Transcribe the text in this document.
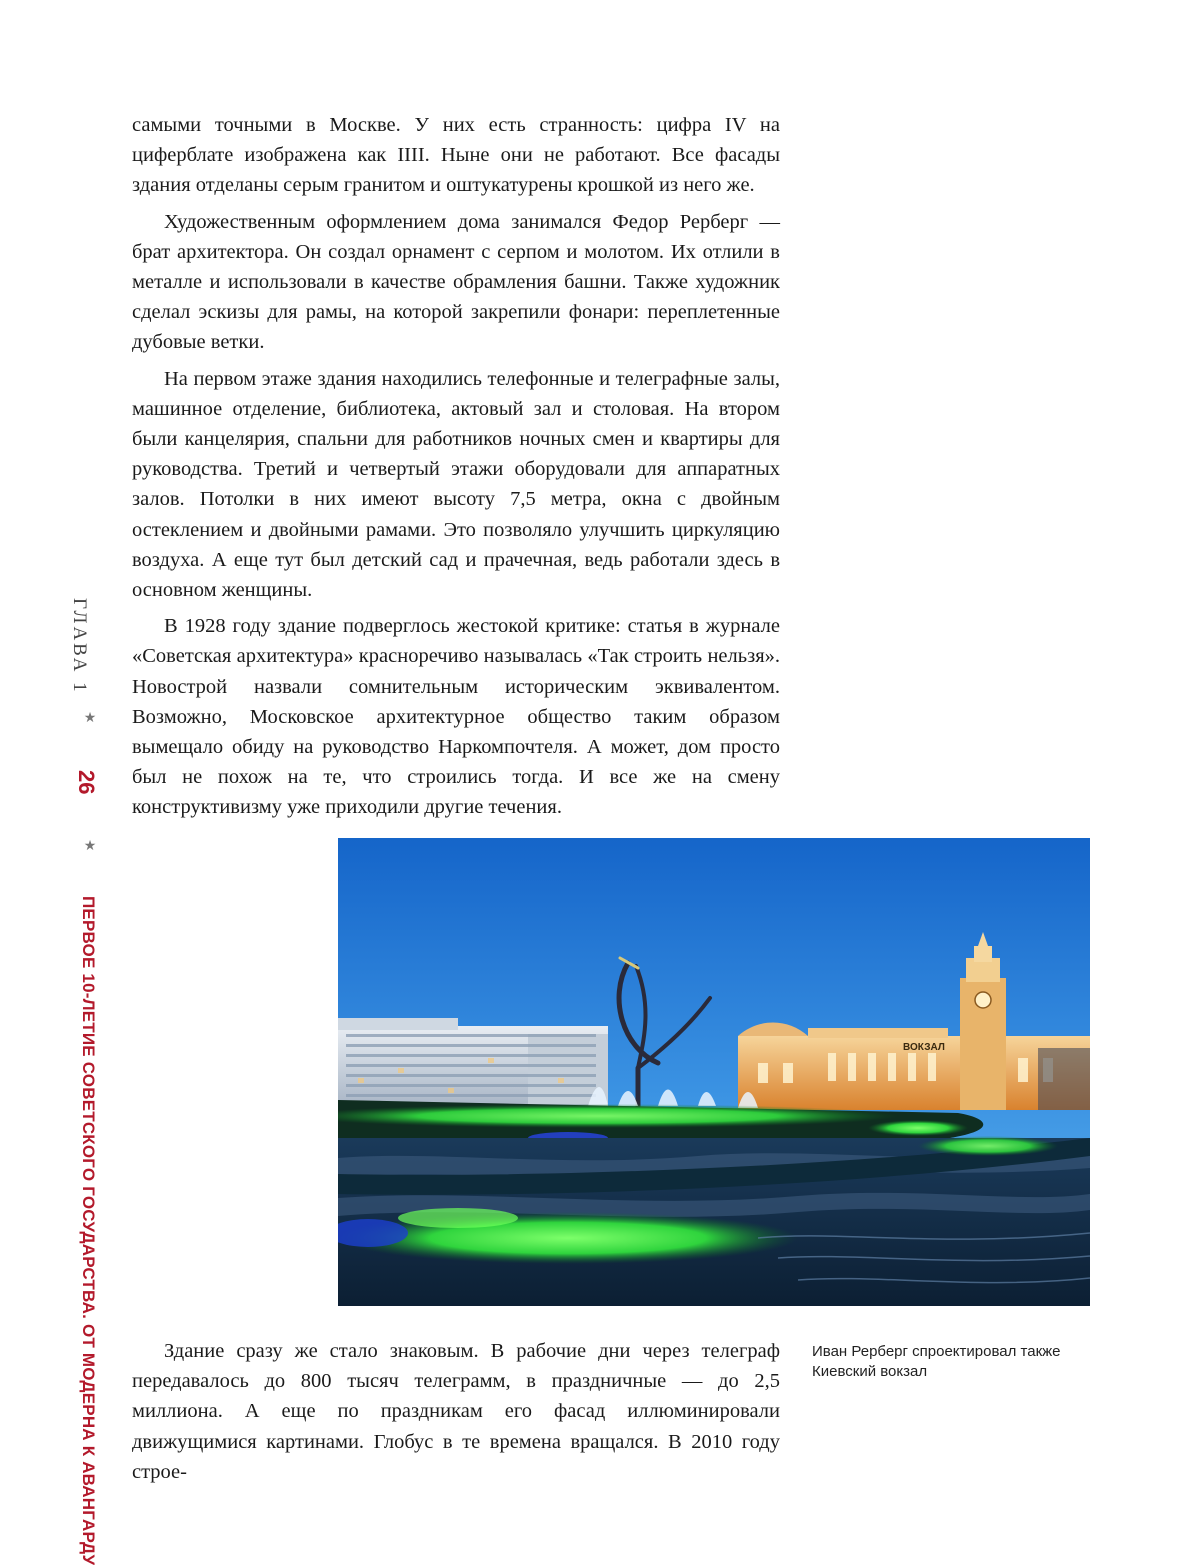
ГЛАВА 1
★
26
★
ПЕРВОЕ 10-ЛЕТИЕ СОВЕТСКОГО ГОСУДАРСТВА. ОТ МОДЕРНА К АВАНГАРДУ

самыми точными в Москве. У них есть странность: цифра IV на циферблате изображена как IIII. Ныне они не работают. Все фасады здания отделаны серым гранитом и оштукатурены крошкой из него же.

Художественным оформлением дома занимался Федор Рерберг — брат архитектора. Он создал орнамент с серпом и молотом. Их отлили в металле и использовали в качестве обрамления башни. Также художник сделал эскизы для рамы, на которой закрепили фонари: переплетенные дубовые ветки.

На первом этаже здания находились телефонные и телеграфные залы, машинное отделение, библиотека, актовый зал и столовая. На втором были канцелярия, спальни для работников ночных смен и квартиры для руководства. Третий и четвертый этажи оборудовали для аппаратных залов. Потолки в них имеют высоту 7,5 метра, окна с двойным остеклением и двойными рамами. Это позволяло улучшить циркуляцию воздуха. А еще тут был детский сад и прачечная, ведь работали здесь в основном женщины.

В 1928 году здание подверглось жестокой критике: статья в журнале «Советская архитектура» красноречиво называлась «Так строить нельзя». Новострой назвали сомнительным историческим эквивалентом. Возможно, Московское архитектурное общество таким образом вымещало обиду на руководство Наркомпочтеля. А может, дом просто был не похож на те, что строились тогда. И все же на смену конструктивизму уже приходили другие течения.

ВОКЗАЛ
Иван Рерберг спроектировал также Киевский вокзал

Здание сразу же стало знаковым. В рабочие дни через телеграф передавалось до 800 тысяч телеграмм, в праздничные — до 2,5 миллиона. А еще по праздникам его фасад иллюминировали движущимися картинами. Глобус в те времена вращался. В 2010 году строе-
